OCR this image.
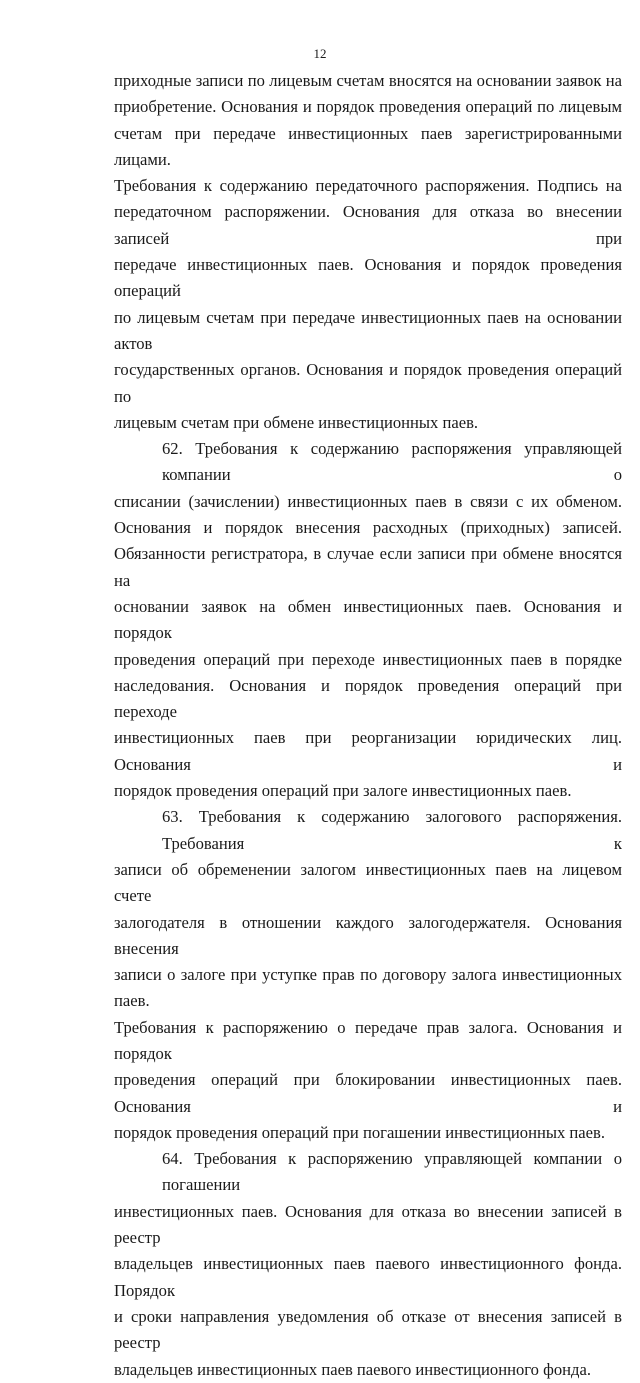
12
приходные записи по лицевым счетам вносятся на основании заявок на
приобретение. Основания и порядок проведения операций по лицевым
счетам при передаче инвестиционных паев зарегистрированными лицами.
Требования к содержанию передаточного распоряжения. Подпись на
передаточном распоряжении. Основания для отказа во внесении записей при
передаче инвестиционных паев. Основания и порядок проведения операций
по лицевым счетам при передаче инвестиционных паев на основании актов
государственных органов. Основания и порядок проведения операций по
лицевым счетам при обмене инвестиционных паев.
62. Требования к содержанию распоряжения управляющей компании о
списании (зачислении) инвестиционных паев в связи с их обменом.
Основания и порядок внесения расходных (приходных) записей.
Обязанности регистратора, в случае если записи при обмене вносятся на
основании заявок на обмен инвестиционных паев. Основания и порядок
проведения операций при переходе инвестиционных паев в порядке
наследования. Основания и порядок проведения операций при переходе
инвестиционных паев при реорганизации юридических лиц. Основания и
порядок проведения операций при залоге инвестиционных паев.
63. Требования к содержанию залогового распоряжения. Требования к
записи об обременении залогом инвестиционных паев на лицевом счете
залогодателя в отношении каждого залогодержателя. Основания внесения
записи о залоге при уступке прав по договору залога инвестиционных паев.
Требования к распоряжению о передаче прав залога. Основания и порядок
проведения операций при блокировании инвестиционных паев. Основания и
порядок проведения операций при погашении инвестиционных паев.
64. Требования к распоряжению управляющей компании о погашении
инвестиционных паев. Основания для отказа во внесении записей в реестр
владельцев инвестиционных паев паевого инвестиционного фонда. Порядок
и сроки направления уведомления об отказе от внесения записей в реестр
владельцев инвестиционных паев паевого инвестиционного фонда.
